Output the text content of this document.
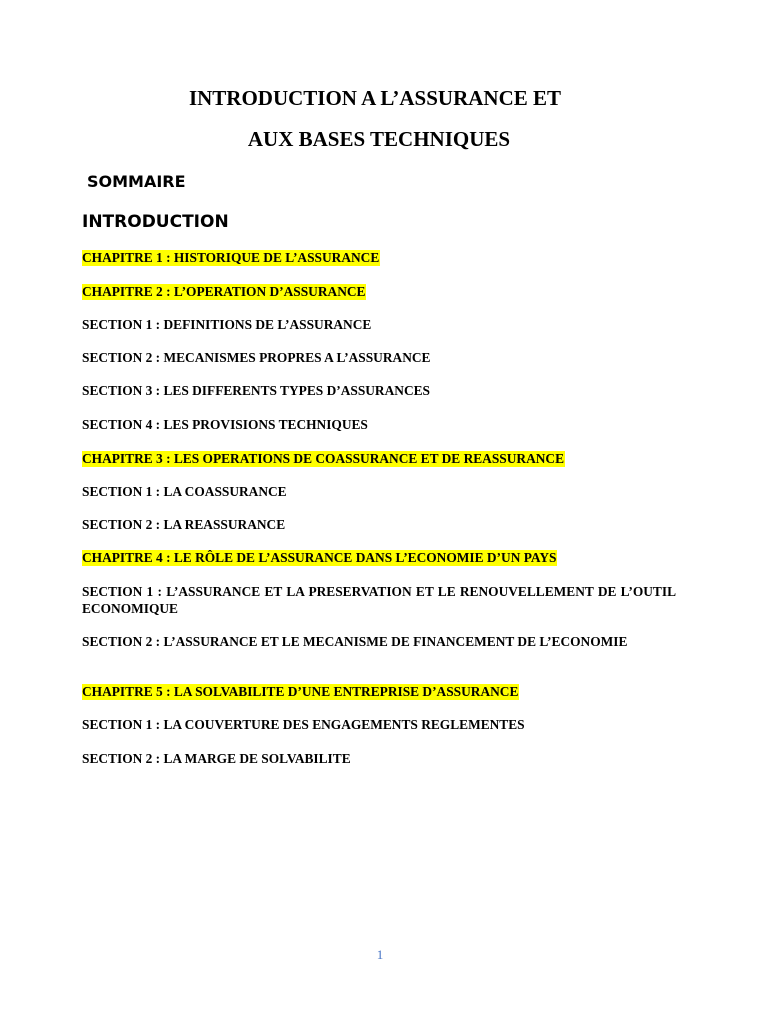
INTRODUCTION A L’ASSURANCE ET
AUX BASES TECHNIQUES
SOMMAIRE
INTRODUCTION
CHAPITRE 1 : HISTORIQUE DE L’ASSURANCE
CHAPITRE 2 : L’OPERATION D’ASSURANCE
SECTION 1 : DEFINITIONS DE L’ASSURANCE
SECTION 2 : MECANISMES PROPRES A L’ASSURANCE
SECTION 3 : LES DIFFERENTS TYPES D’ASSURANCES
SECTION 4 : LES PROVISIONS TECHNIQUES
CHAPITRE 3 : LES OPERATIONS DE COASSURANCE ET DE REASSURANCE
SECTION 1 : LA COASSURANCE
SECTION 2 : LA REASSURANCE
CHAPITRE 4 : LE RÔLE DE L’ASSURANCE DANS L’ECONOMIE D’UN PAYS
SECTION 1 : L’ASSURANCE ET LA PRESERVATION ET LE RENOUVELLEMENT DE L’OUTIL ECONOMIQUE
SECTION 2 : L’ASSURANCE ET LE MECANISME DE FINANCEMENT DE L’ECONOMIE
CHAPITRE 5 : LA SOLVABILITE D’UNE ENTREPRISE D’ASSURANCE
SECTION 1 : LA COUVERTURE DES ENGAGEMENTS REGLEMENTES
SECTION 2 : LA MARGE DE SOLVABILITE
1
